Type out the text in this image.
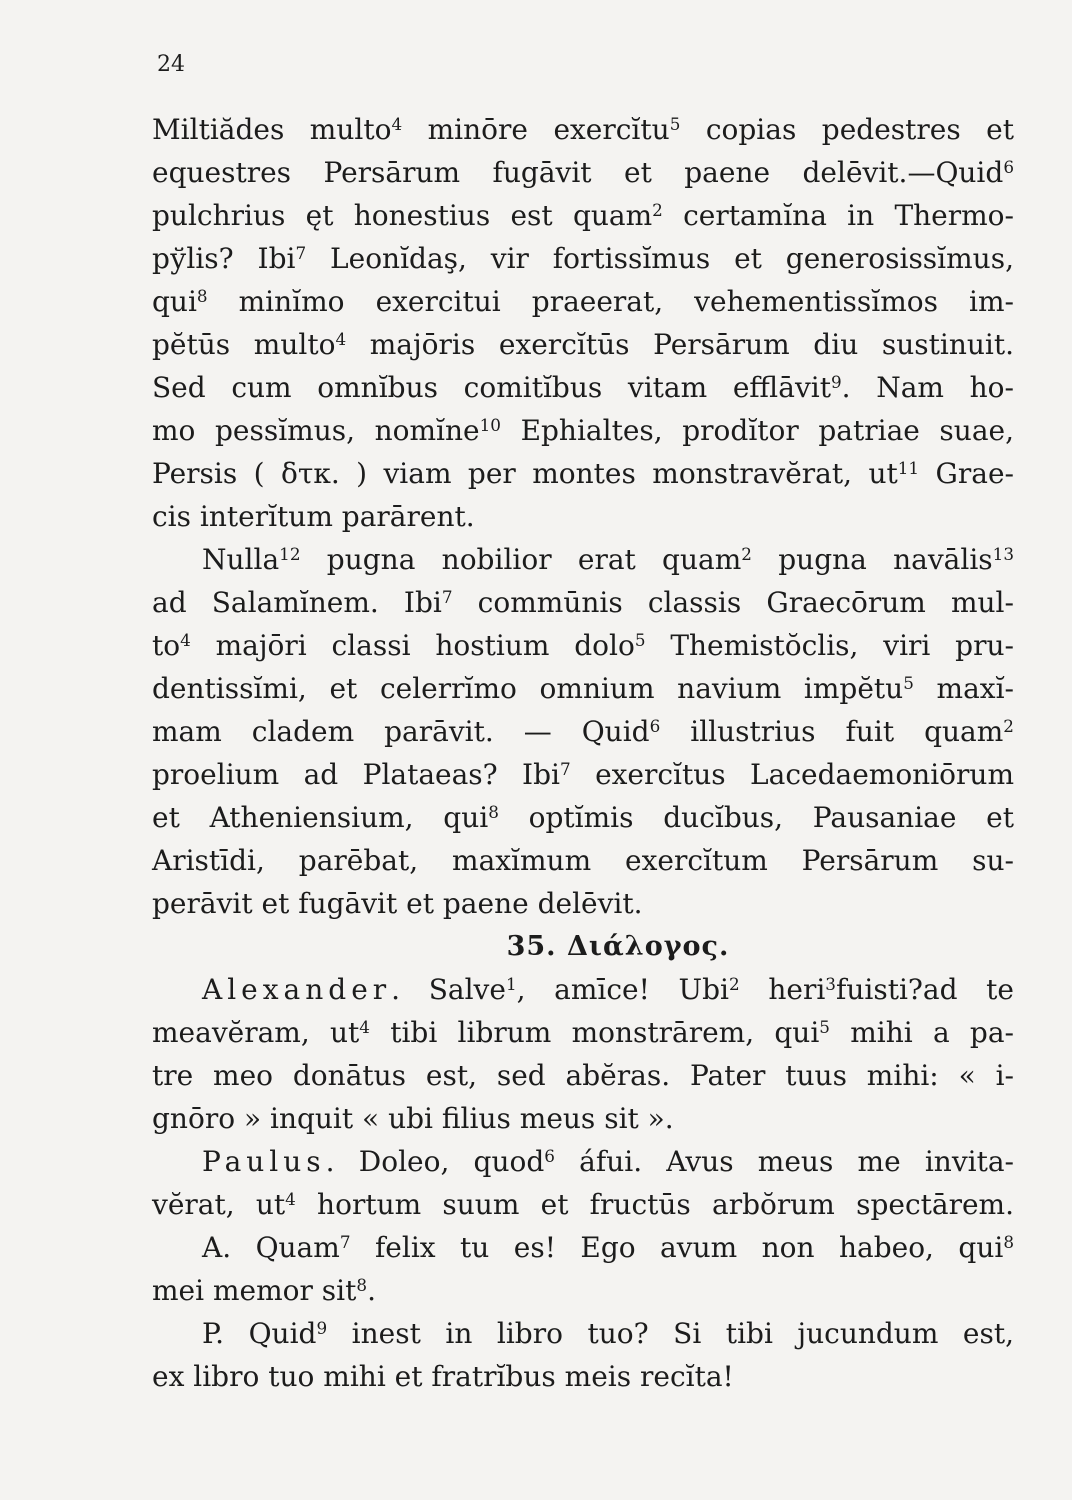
24
Miltiădes multo$^4$ minōre exercĭtu$^5$ copias pedestres et
equestres Persārum fugāvit et paene delēvit.—Quid$^6$
pulchrius ęt honestius est quam$^2$ certamĭna in Thermo-
pўlis? Ibi$^7$ Leonĭdaş, vir fortissĭmus et generosissĭmus,
qui$^8$ minĭmo exercitui praeerat, vehementissĭmos im-
pĕtūs multo$^4$ majōris exercĭtūs Persārum diu sustinuit.
Sed cum omnĭbus comitĭbus vitam efflāvit$^9$. Nam ho-
mo pessĭmus, nomĭne$^{10}$ Ephialtes, prodĭtor patriae suae,
Persis ( δτκ. ) viam per montes monstravĕrat, $ut^{11}$ Grae-
cis interĭtum parārent.
Nulla$^{12}$ pugna nobilior erat quam$^2$ pugna navālis$^{13}$
ad Salamĭnem. Ibi$^7$ commūnis classis Graecōrum mul-
$to^4$ majōri classi hostium dolo$^5$ Themistŏclis, viri pru-
dentissĭmi, et celerrĭmo omnium navium impĕtu$^5$ maxĭ-
mam cladem parāvit. — Quid$^6$ illustrius fuit quam$^2$
proelium ad Plataeas? Ibi$^7$ exercĭtus Lacedaemoniōrum
et Atheniensium, qui$^8$ optĭmis ducĭbus, Pausaniae et
Aristīdi, parēbat, maxĭmum exercĭtum Persārum su-
perāvit et fugāvit et paene delēvit.
35. Διάλογος.
Alexander. Salve$^1$, amīce! Ubi$^2$ heri$^3$fuisti?ad te
meavĕram, $ut^4$ tibi librum monstrārem, qui$^5$ mihi a pa-
tre meo donātus est, sed abĕras. Pater tuus mihi: « i-
gnōro » inquit « ubi filius meus sit ».
Paulus. Doleo, quod$^6$ áfui. Avus meus me invita-
vĕrat, $ut^4$ hortum suum et fructūs arbŏrum spectārem.
A. Quam$^7$ felix tu es! Ego avum non habeo, qui$^8$
mei memor sit$^8$.
P. Quid$^9$ inest in libro tuo? Si tibi jucundum est,
ex libro tuo mihi et fratrĭbus meis recĭta!
